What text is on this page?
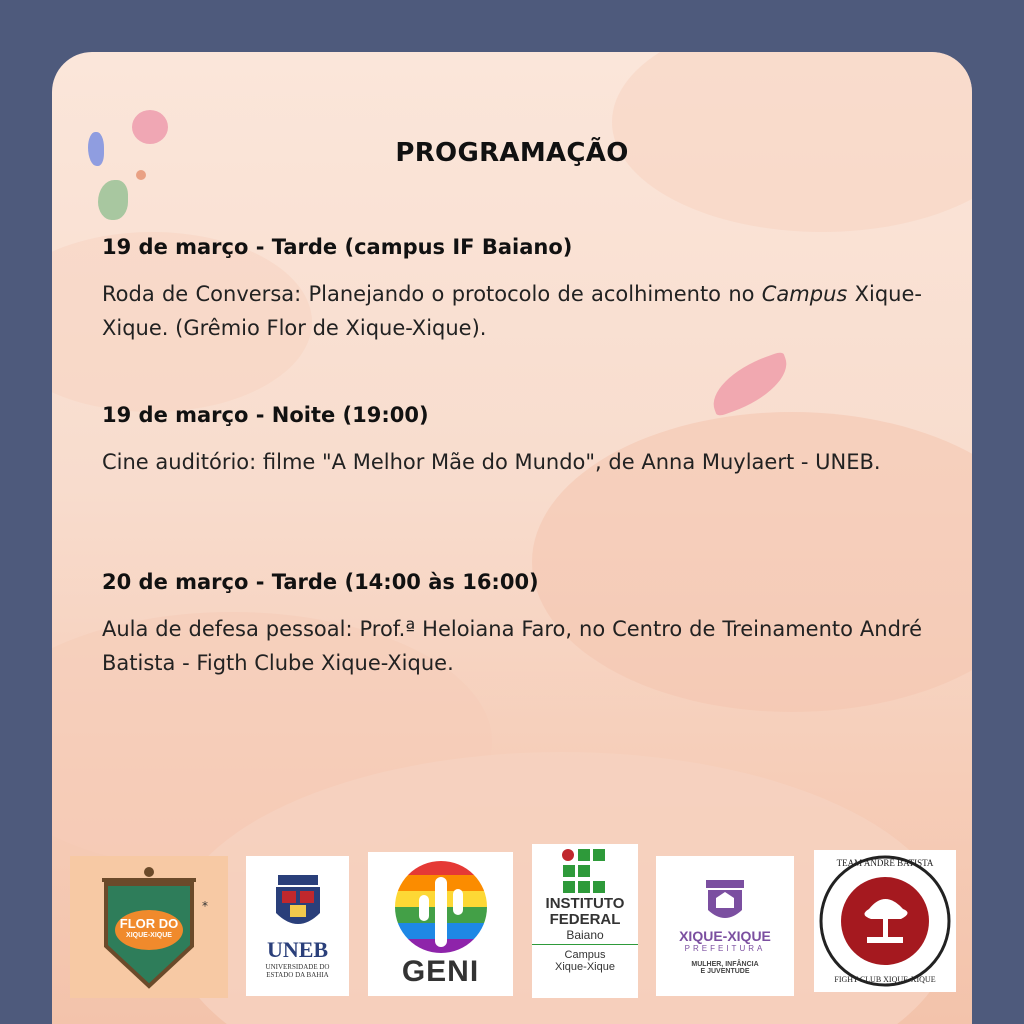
PROGRAMAÇÃO
19 de março - Tarde (campus IF Baiano)

Roda de Conversa: Planejando o protocolo de acolhimento no Campus Xique-Xique. (Grêmio Flor de Xique-Xique).

19 de março - Noite (19:00)

Cine auditório: filme "A Melhor Mãe do Mundo", de Anna Muylaert - UNEB.

20 de março - Tarde (14:00 às 16:00)

Aula de defesa pessoal: Prof.ª Heloiana Faro, no Centro de Treinamento André Batista - Figth Clube Xique-Xique.

*
FLOR DO
XIQUE-XIQUE
UNEB
UNIVERSIDADE DO
ESTADO DA BAHIA GENI
INSTITUTO
FEDERAL
Baiano
Campus
Xique-Xique
XIQUE-XIQUE
PREFEITURA
MULHER, INFÂNCIA
E JUVENTUDE
TEAM ANDRÉ BATISTA
FIGHT CLUB XIQUE-XIQUE
